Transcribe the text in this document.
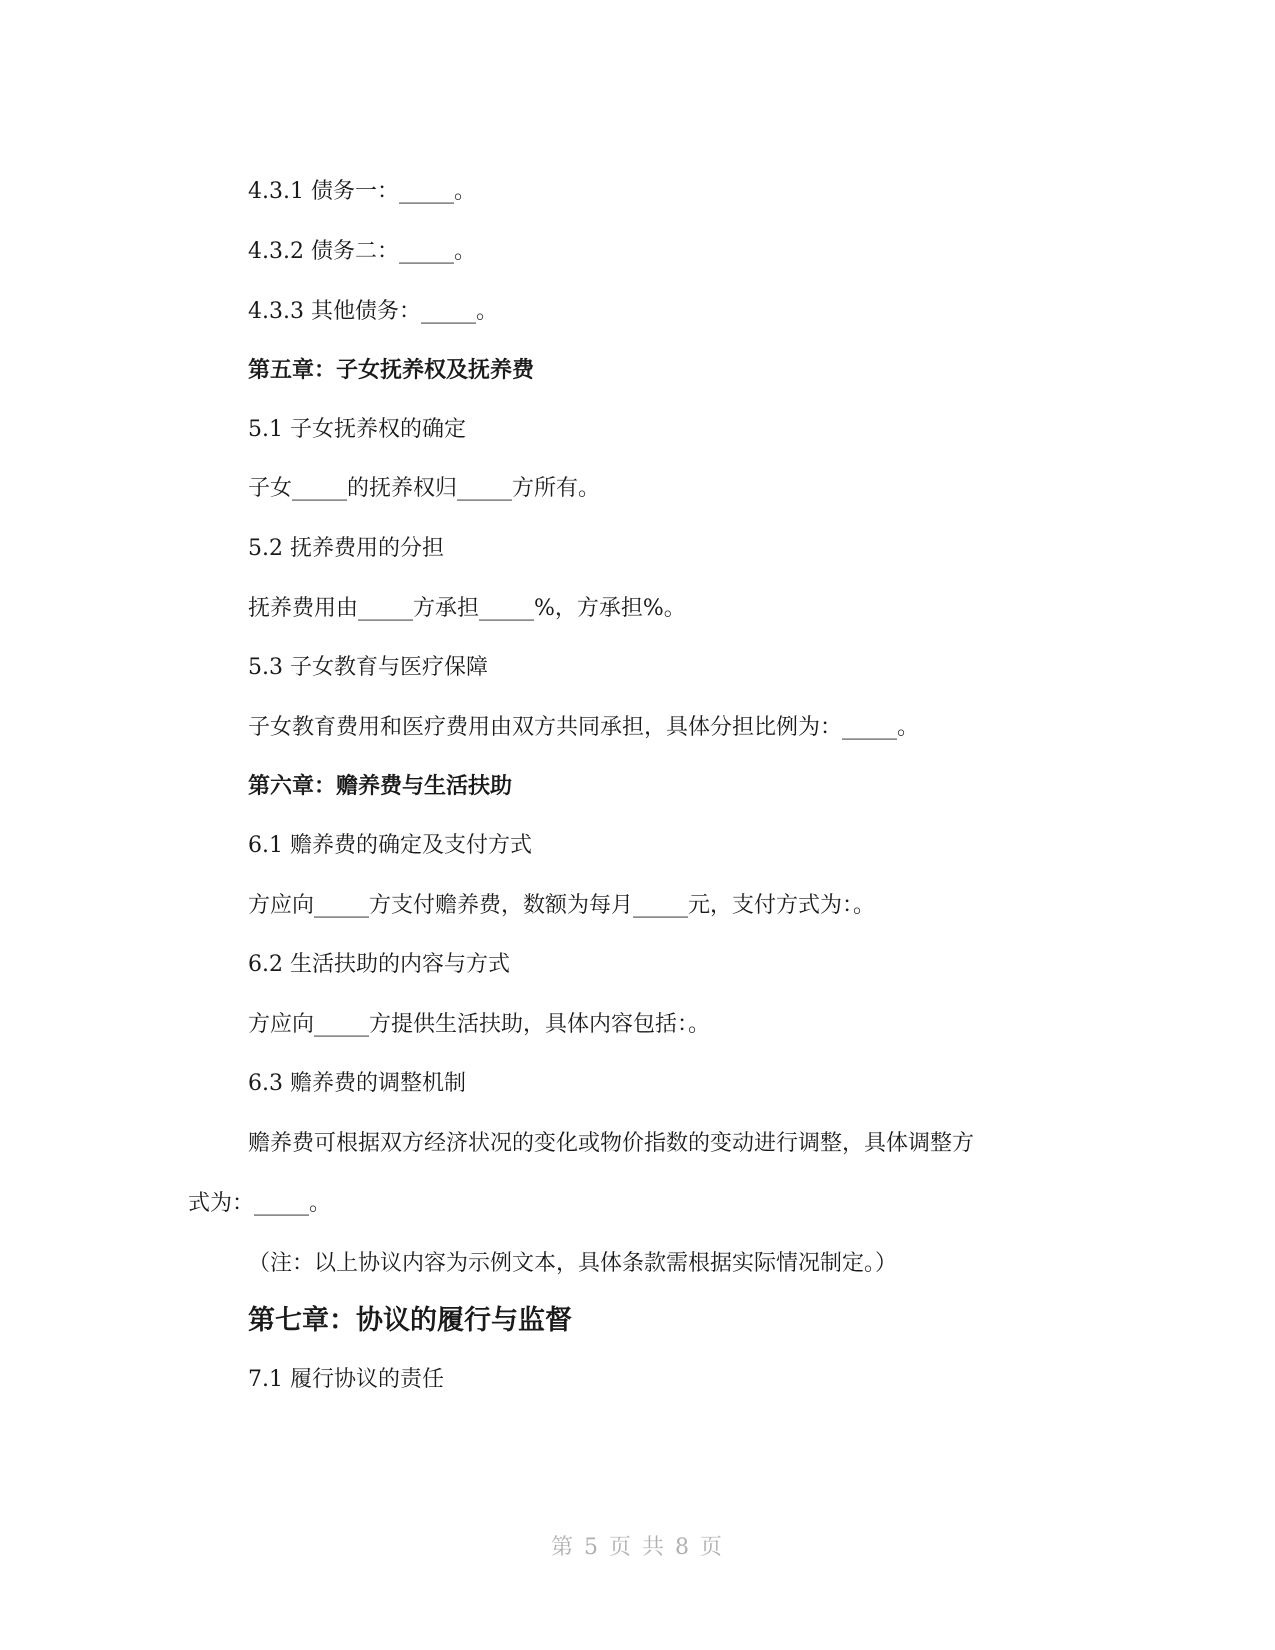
4.3.1 债务一：_____。
4.3.2 债务二：_____。
4.3.3 其他债务：_____。
第五章：子女抚养权及抚养费
5.1 子女抚养权的确定
子女_____的抚养权归_____方所有。
5.2 抚养费用的分担
抚养费用由_____方承担_____%，方承担%。
5.3 子女教育与医疗保障
子女教育费用和医疗费用由双方共同承担，具体分担比例为：_____。
第六章：赡养费与生活扶助
6.1 赡养费的确定及支付方式
方应向_____方支付赡养费，数额为每月_____元，支付方式为：。
6.2 生活扶助的内容与方式
方应向_____方提供生活扶助，具体内容包括：。
6.3 赡养费的调整机制
赡养费可根据双方经济状况的变化或物价指数的变动进行调整，具体调整方
式为：_____。
（注：以上协议内容为示例文本，具体条款需根据实际情况制定。）
第七章：协议的履行与监督
7.1 履行协议的责任
第 5 页 共 8 页
